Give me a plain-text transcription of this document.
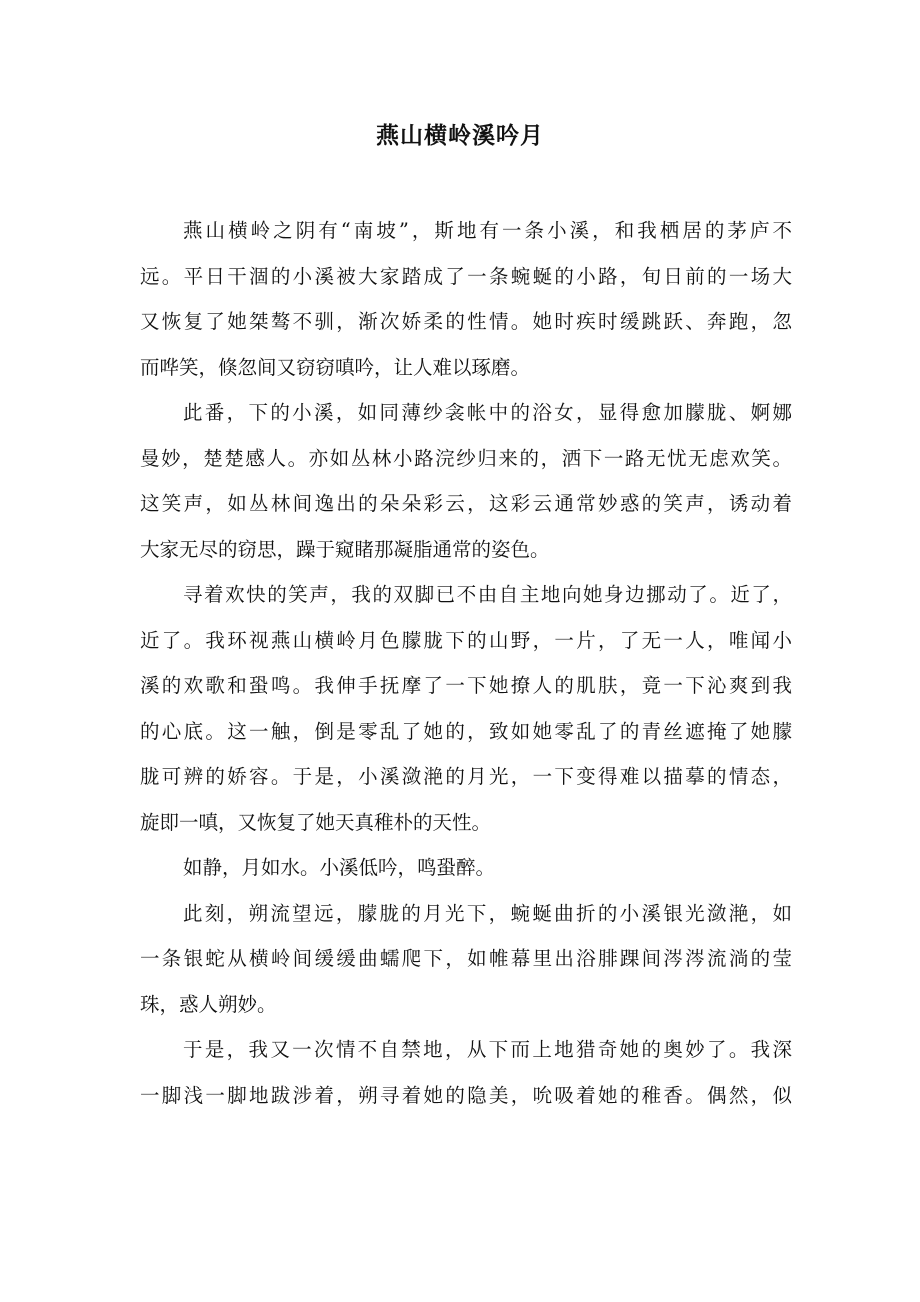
燕山横岭溪吟月
燕山横岭之阴有“南坡”，斯地有一条小溪，和我栖居的茅庐不
远。平日干涸的小溪被大家踏成了一条蜿蜒的小路，旬日前的一场大
又恢复了她桀骜不驯，渐次娇柔的性情。她时疾时缓跳跃、奔跑，忽
而哗笑，倏忽间又窃窃嗔吟，让人难以琢磨。
此番，下的小溪，如同薄纱衾帐中的浴女，显得愈加朦胧、婀娜
曼妙，楚楚感人。亦如丛林小路浣纱归来的，洒下一路无忧无虑欢笑。
这笑声，如丛林间逸出的朵朵彩云，这彩云通常妙惑的笑声，诱动着
大家无尽的窃思，躁于窥睹那凝脂通常的姿色。
寻着欢快的笑声，我的双脚已不由自主地向她身边挪动了。近了，
近了。我环视燕山横岭月色朦胧下的山野，一片，了无一人，唯闻小
溪的欢歌和蛩鸣。我伸手抚摩了一下她撩人的肌肤，竟一下沁爽到我
的心底。这一触，倒是零乱了她的，致如她零乱了的青丝遮掩了她朦
胧可辨的娇容。于是，小溪潋滟的月光，一下变得难以描摹的情态，
旋即一嗔，又恢复了她天真稚朴的天性。
如静，月如水。小溪低吟，鸣蛩醉。
此刻，朔流望远，朦胧的月光下，蜿蜒曲折的小溪银光潋滟，如
一条银蛇从横岭间缓缓曲蠕爬下，如帷幕里出浴腓踝间涔涔流淌的莹
珠，惑人朔妙。
于是，我又一次情不自禁地，从下而上地猎奇她的奥妙了。我深
一脚浅一脚地跋涉着，朔寻着她的隐美，吮吸着她的稚香。偶然，似
